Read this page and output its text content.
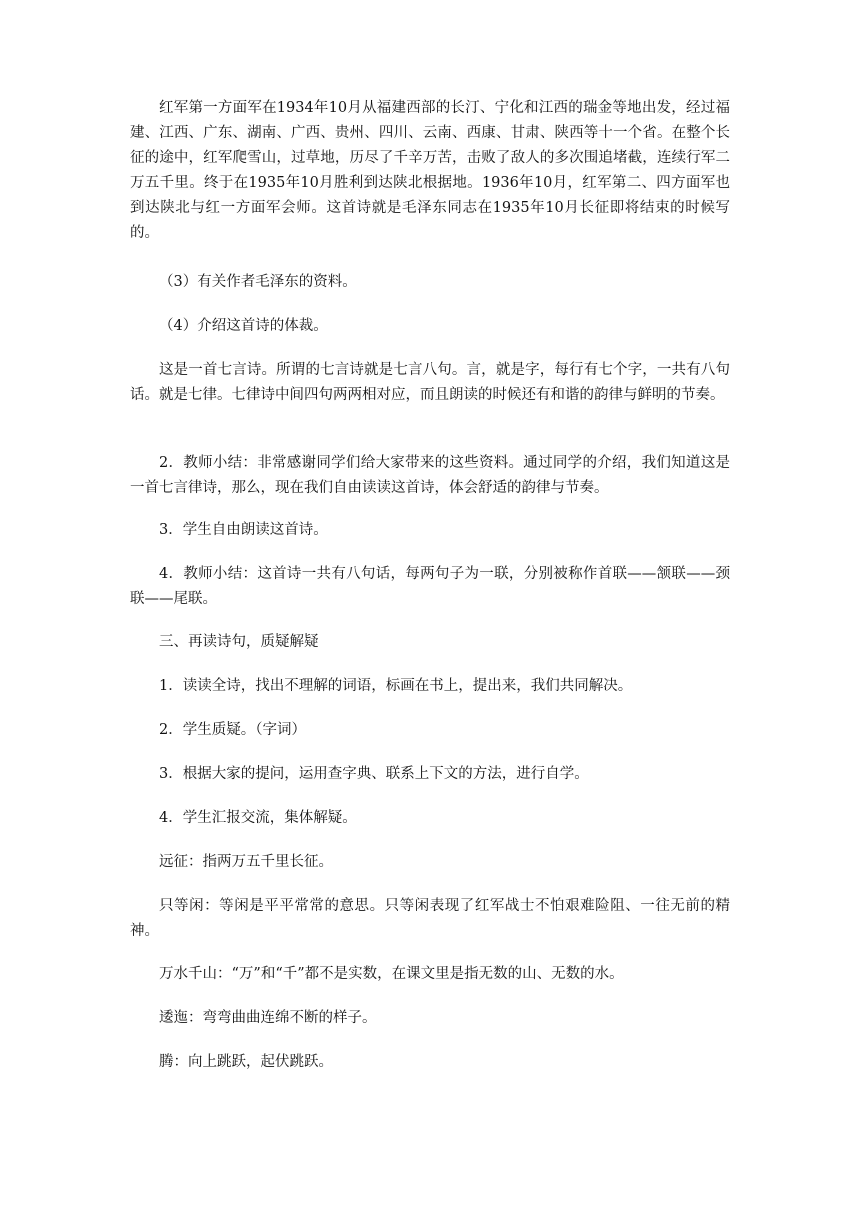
红军第一方面军在1934年10月从福建西部的长汀、宁化和江西的瑞金等地出发，经过福建、江西、广东、湖南、广西、贵州、四川、云南、西康、甘肃、陕西等十一个省。在整个长征的途中，红军爬雪山，过草地，历尽了千辛万苦，击败了敌人的多次围追堵截，连续行军二万五千里。终于在1935年10月胜利到达陕北根据地。1936年10月，红军第二、四方面军也到达陕北与红一方面军会师。这首诗就是毛泽东同志在1935年10月长征即将结束的时候写的。

（3）有关作者毛泽东的资料。

（4）介绍这首诗的体裁。

这是一首七言诗。所谓的七言诗就是七言八句。言，就是字，每行有七个字，一共有八句话。就是七律。七律诗中间四句两两相对应，而且朗读的时候还有和谐的韵律与鲜明的节奏。

2．教师小结：非常感谢同学们给大家带来的这些资料。通过同学的介绍，我们知道这是一首七言律诗，那么，现在我们自由读读这首诗，体会舒适的韵律与节奏。

3．学生自由朗读这首诗。

4．教师小结：这首诗一共有八句话，每两句子为一联，分别被称作首联——颔联——颈联——尾联。

三、再读诗句，质疑解疑

1．读读全诗，找出不理解的词语，标画在书上，提出来，我们共同解决。

2．学生质疑。（字词）

3．根据大家的提问，运用查字典、联系上下文的方法，进行自学。

4．学生汇报交流，集体解疑。

远征：指两万五千里长征。

只等闲：等闲是平平常常的意思。只等闲表现了红军战士不怕艰难险阻、一往无前的精神。

万水千山：“万”和“千”都不是实数，在课文里是指无数的山、无数的水。

逶迤：弯弯曲曲连绵不断的样子。

腾：向上跳跃，起伏跳跃。
